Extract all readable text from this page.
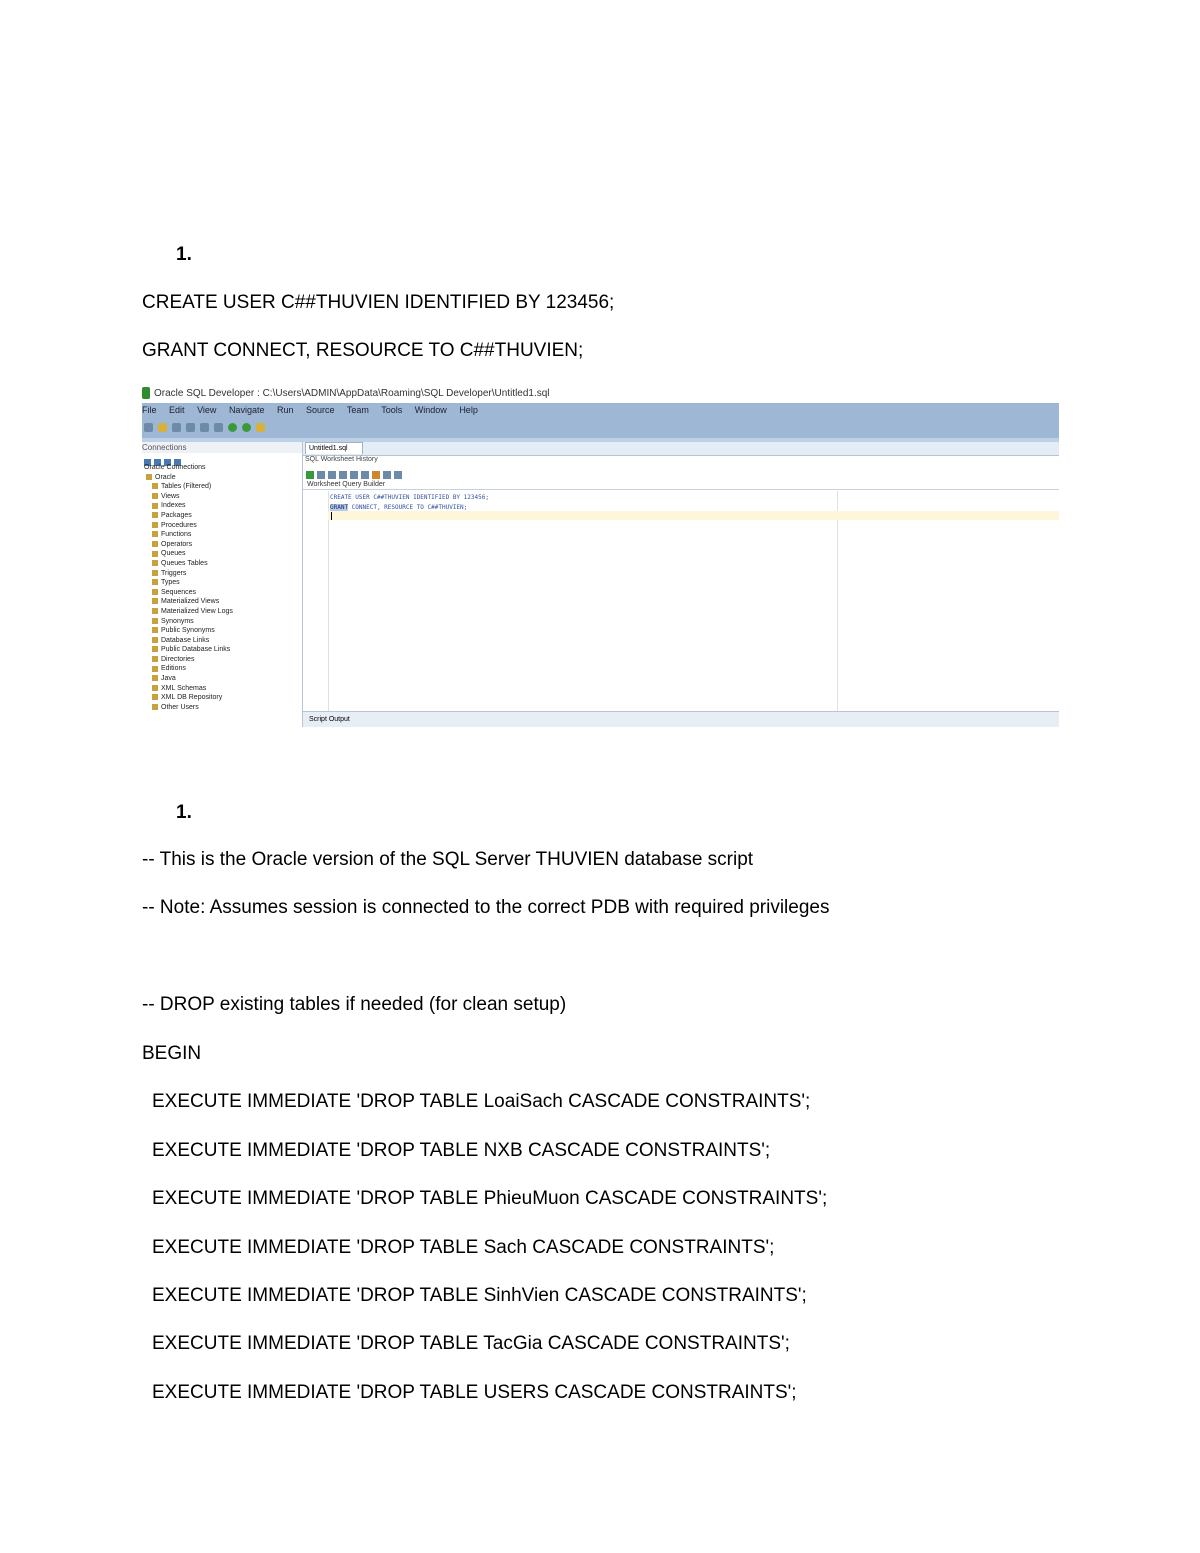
1.
CREATE USER C##THUVIEN IDENTIFIED BY 123456;
GRANT CONNECT, RESOURCE TO C##THUVIEN;
Oracle SQL Developer : C:\Users\ADMIN\AppData\Roaming\SQL Developer\Untitled1.sql
File Edit View Navigate Run Source Team Tools Window Help
Connections
Oracle Connections
Oracle
Tables (Filtered)
Views
Indexes
Packages
Procedures
Functions
Operators
Queues
Queues Tables
Triggers
Types
Sequences
Materialized Views
Materialized View Logs
Synonyms
Public Synonyms
Database Links
Public Database Links
Directories
Editions
Java
XML Schemas
XML DB Repository
Other Users
Untitled1.sql
SQL Worksheet History
Worksheet Query Builder
CREATE USER C##THUVIEN IDENTIFIED BY 123456;
GRANT CONNECT, RESOURCE TO C##THUVIEN;
Script Output
1.
-- This is the Oracle version of the SQL Server THUVIEN database script
-- Note: Assumes session is connected to the correct PDB with required privileges
-- DROP existing tables if needed (for clean setup)
BEGIN
EXECUTE IMMEDIATE 'DROP TABLE LoaiSach CASCADE CONSTRAINTS';
EXECUTE IMMEDIATE 'DROP TABLE NXB CASCADE CONSTRAINTS';
EXECUTE IMMEDIATE 'DROP TABLE PhieuMuon CASCADE CONSTRAINTS';
EXECUTE IMMEDIATE 'DROP TABLE Sach CASCADE CONSTRAINTS';
EXECUTE IMMEDIATE 'DROP TABLE SinhVien CASCADE CONSTRAINTS';
EXECUTE IMMEDIATE 'DROP TABLE TacGia CASCADE CONSTRAINTS';
EXECUTE IMMEDIATE 'DROP TABLE USERS CASCADE CONSTRAINTS';
